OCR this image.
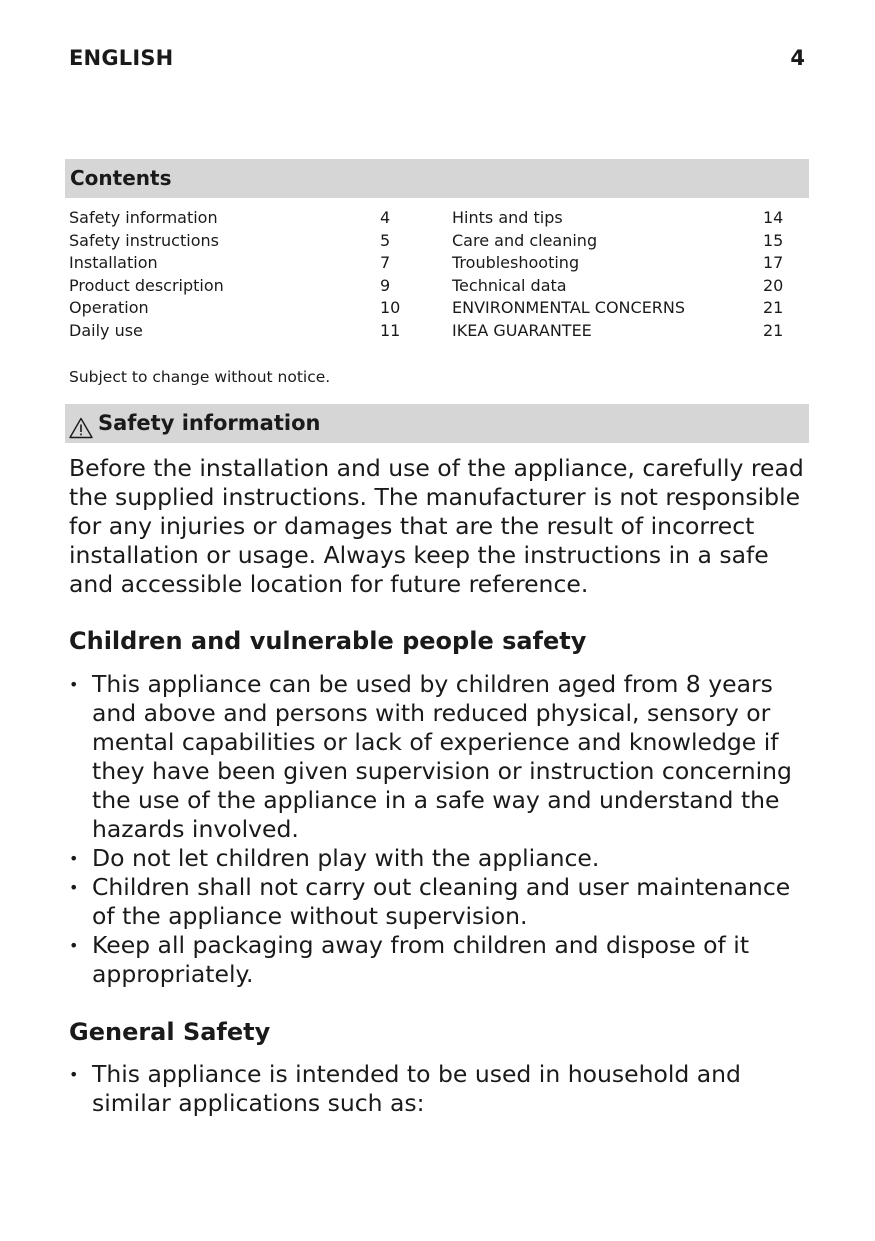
ENGLISH	4
Contents
Safety information	4
Safety instructions	5
Installation	7
Product description	9
Operation	10
Daily use	11
Hints and tips	14
Care and cleaning	15
Troubleshooting	17
Technical data	20
ENVIRONMENTAL CONCERNS	21
IKEA GUARANTEE	21
Subject to change without notice.
Safety information
Before the installation and use of the appliance, carefully read the supplied instructions. The manufacturer is not responsible for any injuries or damages that are the result of incorrect installation or usage. Always keep the instructions in a safe and accessible location for future reference.
Children and vulnerable people safety
• This appliance can be used by children aged from 8 years and above and persons with reduced physical, sensory or mental capabilities or lack of experience and knowledge if they have been given supervision or instruction concerning the use of the appliance in a safe way and understand the hazards involved.
• Do not let children play with the appliance.
• Children shall not carry out cleaning and user maintenance of the appliance without supervision.
• Keep all packaging away from children and dispose of it appropriately.
General Safety
• This appliance is intended to be used in household and similar applications such as:
